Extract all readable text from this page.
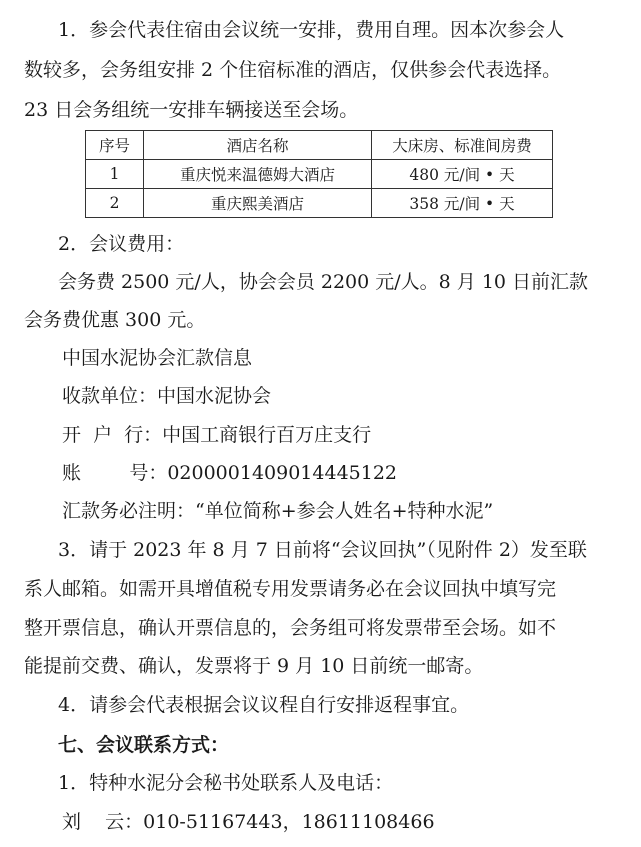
1．参会代表住宿由会议统一安排，费用自理。因本次参会人
数较多，会务组安排 2 个住宿标准的酒店，仅供参会代表选择。
23 日会务组统一安排车辆接送至会场。
序号	酒店名称	大床房、标准间房费
1	重庆悦来温德姆大酒店	480 元/间 • 天
2	重庆熙美酒店	358 元/间 • 天
2．会议费用：
会务费 2500 元/人，协会会员 2200 元/人。8 月 10 日前汇款
会务费优惠 300 元。
中国水泥协会汇款信息
收款单位：中国水泥协会
开  户  行：中国工商银行百万庄支行
账        号：0200001409014445122
汇款务必注明：“单位简称+参会人姓名+特种水泥”
3．请于 2023 年 8 月 7 日前将“会议回执”（见附件 2）发至联
系人邮箱。如需开具增值税专用发票请务必在会议回执中填写完
整开票信息，确认开票信息的，会务组可将发票带至会场。如不
能提前交费、确认，发票将于 9 月 10 日前统一邮寄。
4．请参会代表根据会议议程自行安排返程事宜。
七、会议联系方式：
1．特种水泥分会秘书处联系人及电话：
刘    云：010-51167443，18611108466
